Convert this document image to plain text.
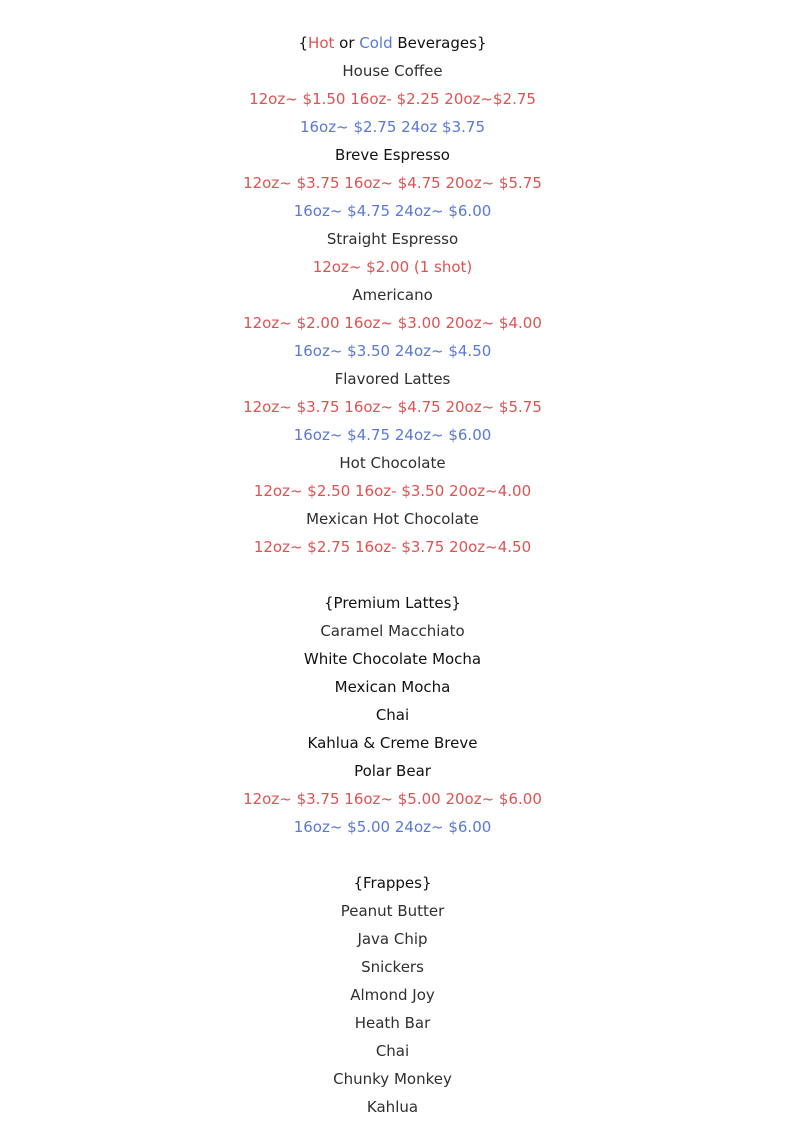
{Hot or Cold Beverages}
House Coffee
12oz~ $1.50 16oz- $2.25 20oz~$2.75
16oz~ $2.75 24oz $3.75
Breve Espresso
12oz~ $3.75 16oz~ $4.75 20oz~ $5.75
16oz~ $4.75 24oz~ $6.00
Straight Espresso
12oz~ $2.00 (1 shot)
Americano
12oz~ $2.00 16oz~ $3.00 20oz~ $4.00
16oz~ $3.50 24oz~ $4.50
Flavored Lattes
12oz~ $3.75 16oz~ $4.75 20oz~ $5.75
16oz~ $4.75 24oz~ $6.00
Hot Chocolate
12oz~ $2.50 16oz- $3.50 20oz~4.00
Mexican Hot Chocolate
12oz~ $2.75 16oz- $3.75 20oz~4.50
{Premium Lattes}
Caramel Macchiato
White Chocolate Mocha
Mexican Mocha
Chai
Kahlua & Creme Breve
Polar Bear
12oz~ $3.75 16oz~ $5.00 20oz~ $6.00
16oz~ $5.00 24oz~ $6.00
{Frappes}
Peanut Butter
Java Chip
Snickers
Almond Joy
Heath Bar
Chai
Chunky Monkey
Kahlua
